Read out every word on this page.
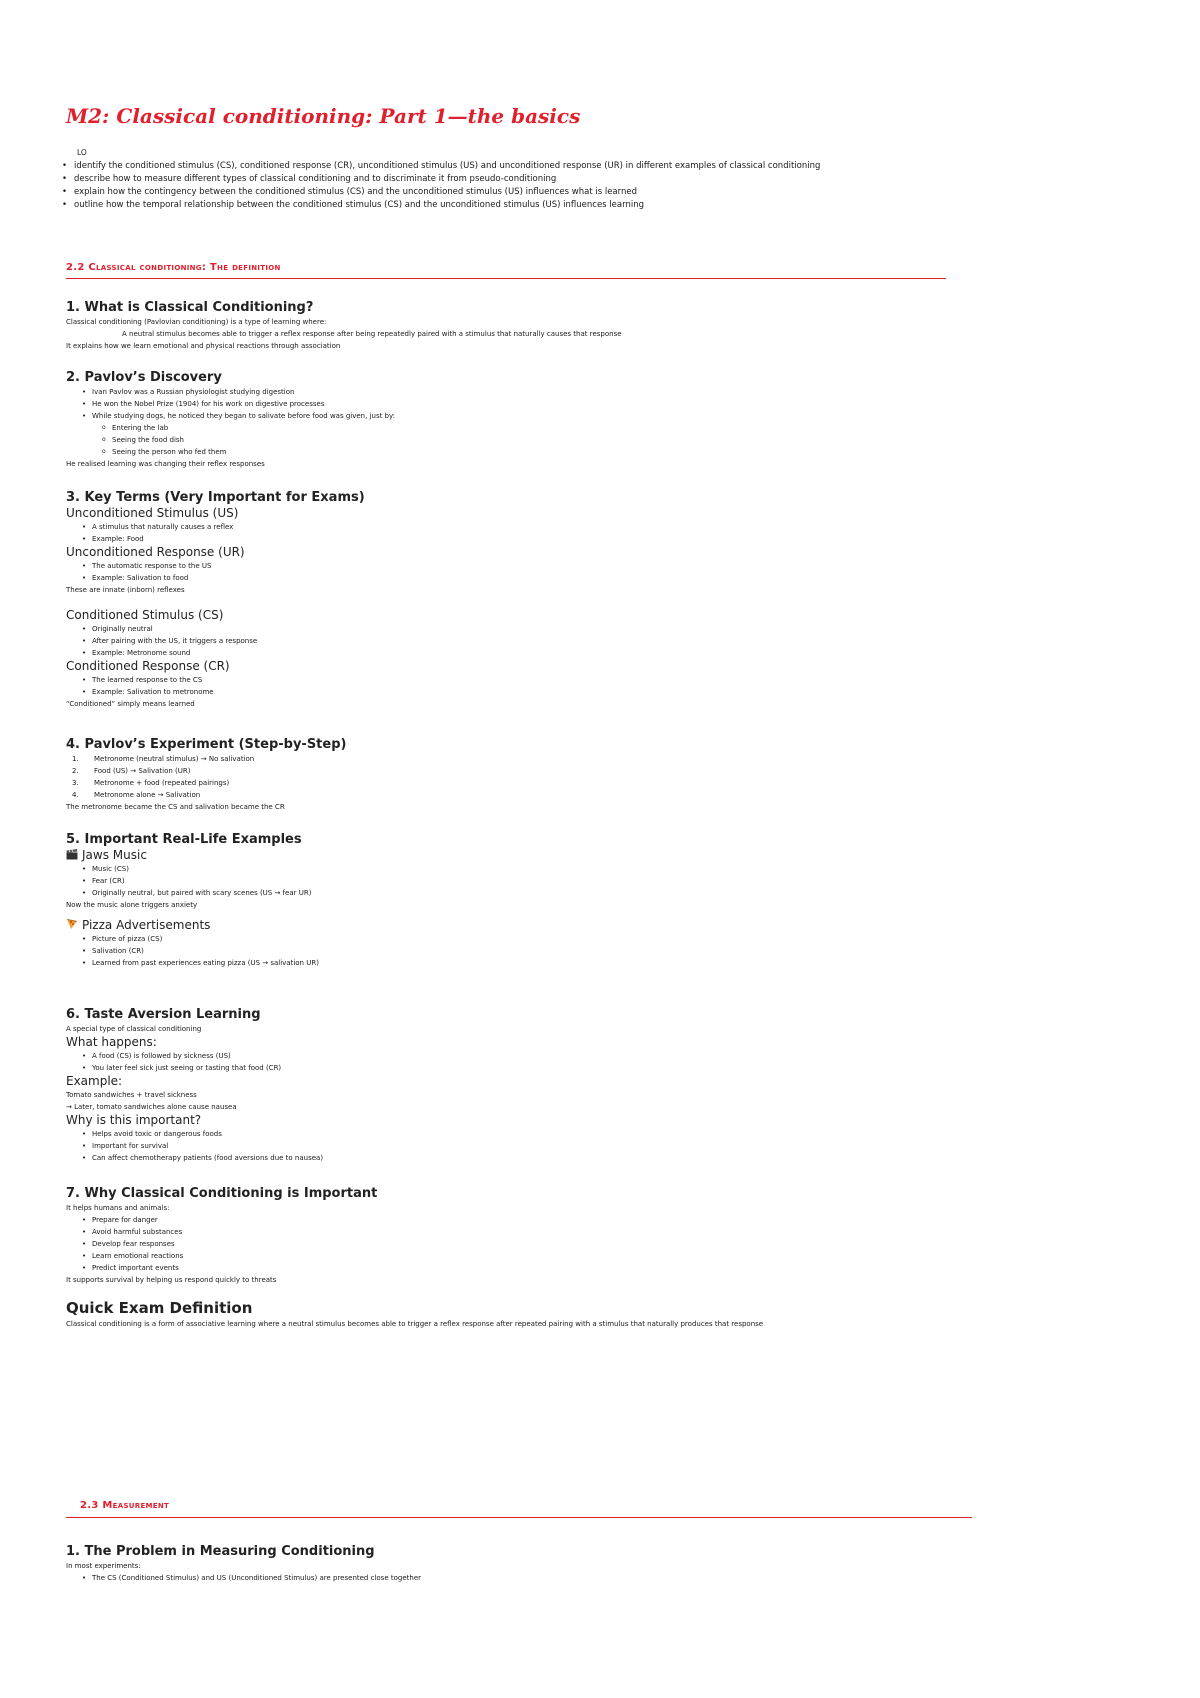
M2: Classical conditioning: Part 1—the basics
LO
• identify the conditioned stimulus (CS), conditioned response (CR), unconditioned stimulus (US) and unconditioned response (UR) in different examples of classical conditioning
• describe how to measure different types of classical conditioning and to discriminate it from pseudo-conditioning
• explain how the contingency between the conditioned stimulus (CS) and the unconditioned stimulus (US) influences what is learned
• outline how the temporal relationship between the conditioned stimulus (CS) and the unconditioned stimulus (US) influences learning
2.2 Classical conditioning: The definition
1. What is Classical Conditioning?

Classical conditioning (Pavlovian conditioning) is a type of learning where:

A neutral stimulus becomes able to trigger a reflex response after being repeatedly paired with a stimulus that naturally causes that response

It explains how we learn emotional and physical reactions through association

2. Pavlov’s Discovery
• Ivan Pavlov was a Russian physiologist studying digestion
• He won the Nobel Prize (1904) for his work on digestive processes
• While studying dogs, he noticed they began to salivate before food was given, just by:
o Entering the lab
o Seeing the food dish
o Seeing the person who fed them

He realised learning was changing their reflex responses

3. Key Terms (Very Important for Exams)
Unconditioned Stimulus (US)
• A stimulus that naturally causes a reflex
• Example: Food
Unconditioned Response (UR)
• The automatic response to the US
• Example: Salivation to food

These are innate (inborn) reflexes

Conditioned Stimulus (CS)
• Originally neutral
• After pairing with the US, it triggers a response
• Example: Metronome sound
Conditioned Response (CR)
• The learned response to the CS
• Example: Salivation to metronome

“Conditioned” simply means learned

4. Pavlov’s Experiment (Step-by-Step)
1. Metronome (neutral stimulus) → No salivation
2. Food (US) → Salivation (UR)
3. Metronome + food (repeated pairings)
4. Metronome alone → Salivation

The metronome became the CS and salivation became the CR

5. Important Real-Life Examples
Jaws Music
• Music (CS)
• Fear (CR)
• Originally neutral, but paired with scary scenes (US → fear UR)

Now the music alone triggers anxiety

Pizza Advertisements
• Picture of pizza (CS)
• Salivation (CR)
• Learned from past experiences eating pizza (US → salivation UR)
6. Taste Aversion Learning

A special type of classical conditioning

What happens:
• A food (CS) is followed by sickness (US)
• You later feel sick just seeing or tasting that food (CR)
Example:

Tomato sandwiches + travel sickness

→ Later, tomato sandwiches alone cause nausea

Why is this important?
• Helps avoid toxic or dangerous foods
• Important for survival
• Can affect chemotherapy patients (food aversions due to nausea)
7. Why Classical Conditioning is Important

It helps humans and animals:

• Prepare for danger
• Avoid harmful substances
• Develop fear responses
• Learn emotional reactions
• Predict important events

It supports survival by helping us respond quickly to threats

Quick Exam Definition

Classical conditioning is a form of associative learning where a neutral stimulus becomes able to trigger a reflex response after repeated pairing with a stimulus that naturally produces that response

2.3 Measurement
1. The Problem in Measuring Conditioning

In most experiments:

• The CS (Conditioned Stimulus) and US (Unconditioned Stimulus) are presented close together
